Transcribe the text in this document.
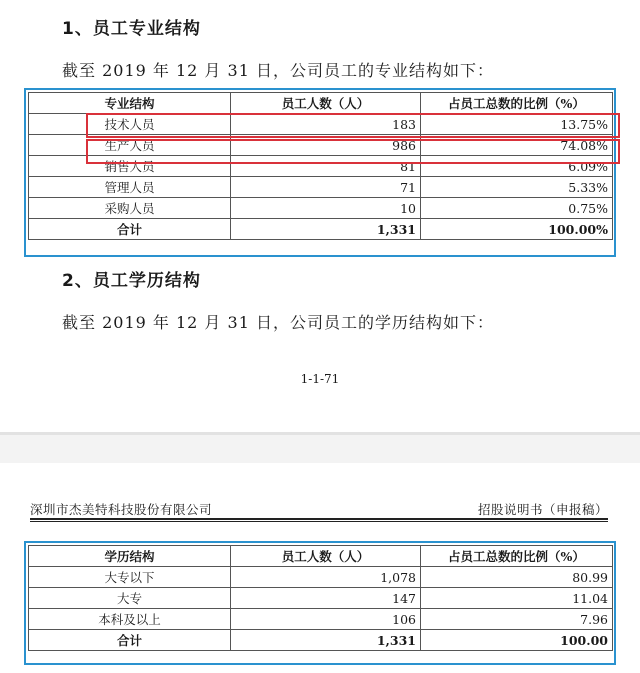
1、员工专业结构
截至 2019 年 12 月 31 日，公司员工的专业结构如下：
专业结构	员工人数（人）	占员工总数的比例（%）
技术人员	183	13.75%
生产人员	986	74.08%
销售人员	81	6.09%
管理人员	71	5.33%
采购人员	10	0.75%
合计	1,331	100.00%
2、员工学历结构
截至 2019 年 12 月 31 日，公司员工的学历结构如下：
1-1-71
深圳市杰美特科技股份有限公司	招股说明书（申报稿）
学历结构	员工人数（人）	占员工总数的比例（%）
大专以下	1,078	80.99
大专	147	11.04
本科及以上	106	7.96
合计	1,331	100.00
